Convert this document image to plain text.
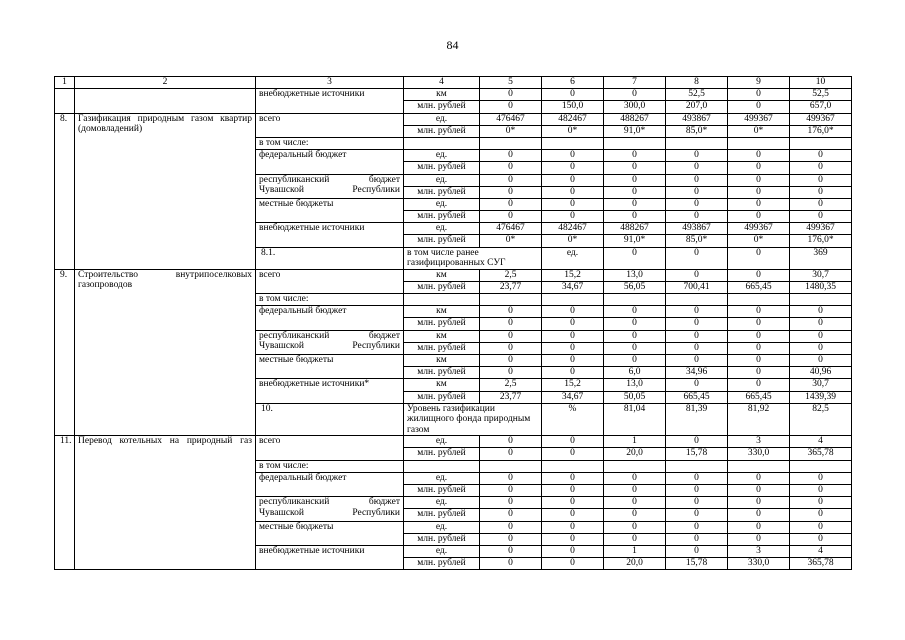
84
1	2	3	4	5	6	7	8	9	10	
		внебюджетные источники	км	0	0	0	52,5	0	52,5	
			млн. рублей	0	150,0	300,0	207,0	0	657,0	
8.	Газификация природным газом квартир (домовладений)	всего	ед.	476467	482467	488267	493867	499367	499367	
			млн. рублей	0*	0*	91,0*	85,0*	0*	176,0*	
		в том числе:								
		федеральный бюджет	ед.	0	0	0	0	0	0	
			млн. рублей	0	0	0	0	0	0	
		республиканский бюджет Чувашской Республики	ед.	0	0	0	0	0	0	
			млн. рублей	0	0	0	0	0	0	
		местные бюджеты	ед.	0	0	0	0	0	0	
			млн. рублей	0	0	0	0	0	0	
		внебюджетные источники	ед.	476467	482467	488267	493867	499367	499367	
			млн. рублей	0*	0*	91,0*	85,0*	0*	176,0*	
		8.1.	в том числе ранее газифицированных СУГ		ед.	0	0	0	369		
9.	Строительство внутрипоселковых газопроводов	всего	км	2,5	15,2	13,0	0	0	30,7	
			млн. рублей	23,77	34,67	56,05	700,41	665,45	1480,35	
		в том числе:								
		федеральный бюджет	км	0	0	0	0	0	0	
			млн. рублей	0	0	0	0	0	0	
		республиканский бюджет Чувашской Республики	км	0	0	0	0	0	0	
			млн. рублей	0	0	0	0	0	0	
		местные бюджеты	км	0	0	0	0	0	0	
			млн. рублей	0	0	6,0	34,96	0	40,96	
		внебюджетные источники*	км	2,5	15,2	13,0	0	0	30,7	
			млн. рублей	23,77	34,67	50,05	665,45	665,45	1439,39	
		10.	Уровень газификации жилищного фонда природным газом		%	81,04	81,39	81,92	82,5		
11.	Перевод котельных на природный газ	всего	ед.	0	0	1	0	3	4	
			млн. рублей	0	0	20,0	15,78	330,0	365,78	
		в том числе:								
		федеральный бюджет	ед.	0	0	0	0	0	0	
			млн. рублей	0	0	0	0	0	0	
		республиканский бюджет Чувашской Республики	ед.	0	0	0	0	0	0	
			млн. рублей	0	0	0	0	0	0	
		местные бюджеты	ед.	0	0	0	0	0	0	
			млн. рублей	0	0	0	0	0	0	
		внебюджетные источники	ед.	0	0	1	0	3	4	
			млн. рублей	0	0	20,0	15,78	330,0	365,78	
